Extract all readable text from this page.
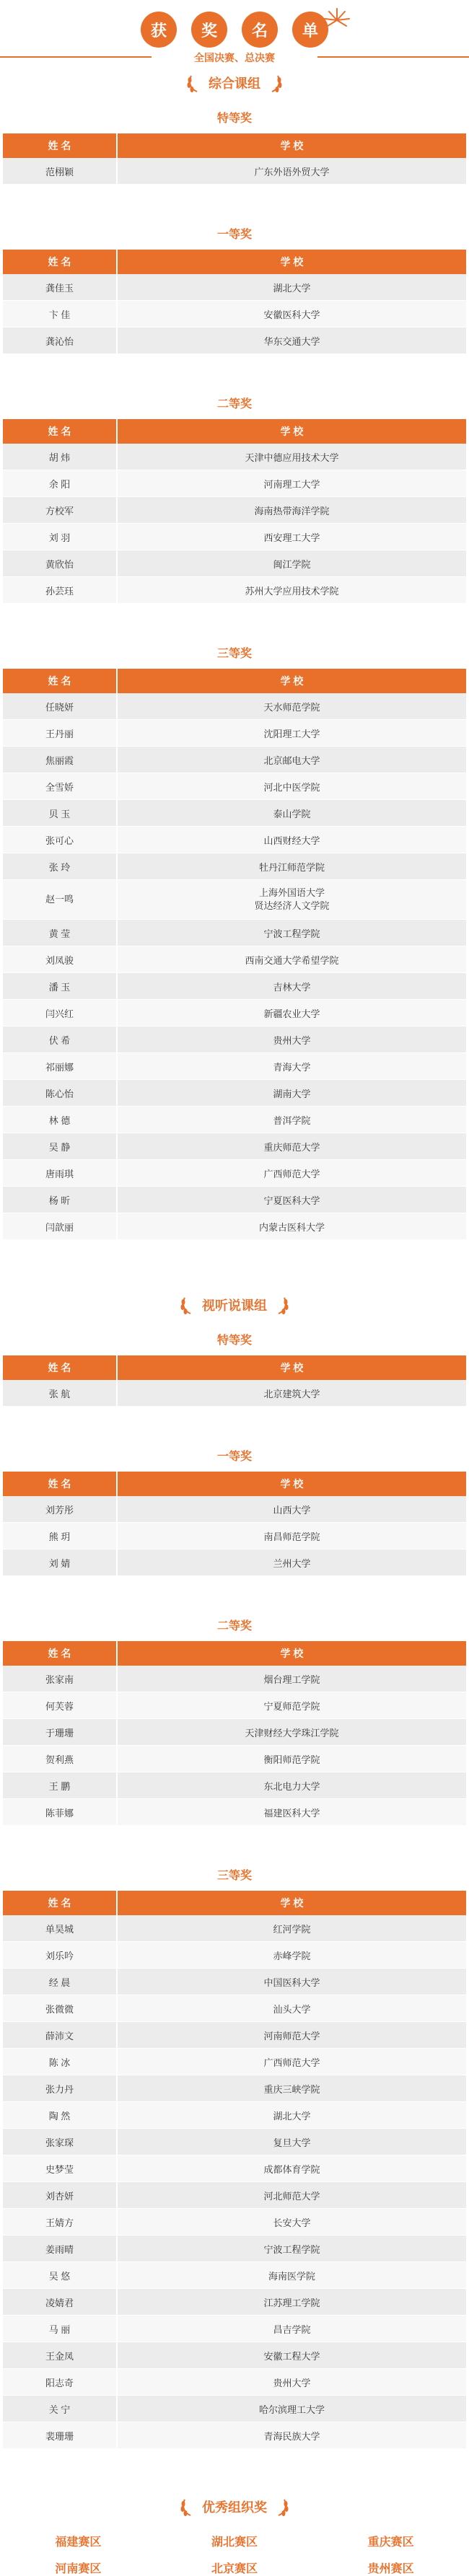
获	奖	名	单
全国决赛、总决赛
综合课组
特等奖
姓 名	学 校
范栩颖	广东外语外贸大学
一等奖
姓 名	学 校
龚佳玉	湖北大学
卞 佳	安徽医科大学
龚沁怡	华东交通大学
二等奖
姓 名	学 校
胡 炜	天津中德应用技术大学
余 阳	河南理工大学
方校军	海南热带海洋学院
刘 羽	西安理工大学
黄欣怡	闽江学院
孙芸珏	苏州大学应用技术学院
三等奖
姓 名	学 校
任晓妍	天水师范学院
王丹丽	沈阳理工大学
焦丽霞	北京邮电大学
全雪娇	河北中医学院
贝 玉	泰山学院
张可心	山西财经大学
张 玲	牡丹江师范学院
赵一鸣	上海外国语大学
贤达经济人文学院
黄 莹	宁波工程学院
刘凤骏	西南交通大学希望学院
潘 玉	吉林大学
闫兴红	新疆农业大学
伏 希	贵州大学
祁丽娜	青海大学
陈心怡	湖南大学
林 德	普洱学院
吴 静	重庆师范大学
唐雨琪	广西师范大学
杨 昕	宁夏医科大学
闫歆丽	内蒙古医科大学
视听说课组
特等奖
姓 名	学 校
张 航	北京建筑大学
一等奖
姓 名	学 校
刘芳彤	山西大学
熊 玥	南昌师范学院
刘 婧	兰州大学
二等奖
姓 名	学 校
张家南	烟台理工学院
何芙蓉	宁夏师范学院
于珊珊	天津财经大学珠江学院
贺利燕	衡阳师范学院
王 鹏	东北电力大学
陈菲娜	福建医科大学
三等奖
姓 名	学 校
单昊城	红河学院
刘乐吟	赤峰学院
经 晨	中国医科大学
张微微	汕头大学
薛沛文	河南师范大学
陈 冰	广西师范大学
张力丹	重庆三峡学院
陶 然	湖北大学
张家琛	复旦大学
史梦莹	成都体育学院
刘杏妍	河北师范大学
王婧方	长安大学
姜雨晴	宁波工程学院
吴 悠	海南医学院
凌婧君	江苏理工学院
马 丽	昌吉学院
王金凤	安徽工程大学
阳志奇	贵州大学
关 宁	哈尔滨理工大学
裴珊珊	青海民族大学
优秀组织奖
福建赛区	湖北赛区	重庆赛区
河南赛区	北京赛区	贵州赛区
